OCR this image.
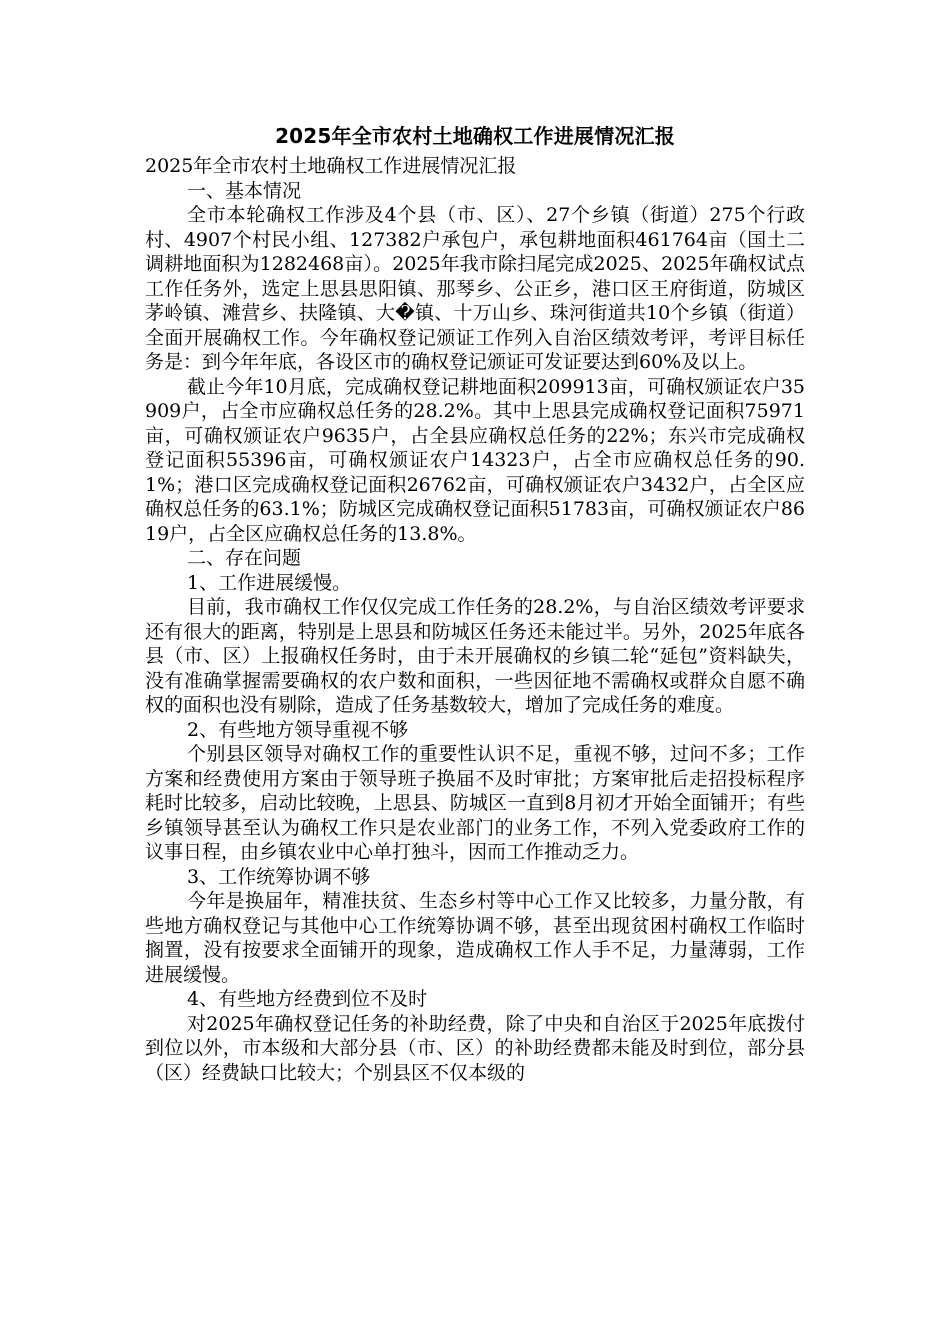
2025年全市农村土地确权工作进展情况汇报

2025年全市农村土地确权工作进展情况汇报

一、基本情况

全市本轮确权工作涉及4个县（市、区）、27个乡镇（街道）275个行政村、4907个村民小组、127382户承包户，承包耕地面积461764亩（国土二调耕地面积为1282468亩）。2025年我市除扫尾完成2025、2025年确权试点工作任务外，选定上思县思阳镇、那琴乡、公正乡，港口区王府街道，防城区茅岭镇、滩营乡、扶隆镇、大�镇、十万山乡、珠河街道共10个乡镇（街道）全面开展确权工作。今年确权登记颁证工作列入自治区绩效考评，考评目标任务是：到今年年底，各设区市的确权登记颁证可发证要达到60%及以上。

截止今年10月底，完成确权登记耕地面积209913亩，可确权颁证农户35909户，占全市应确权总任务的28.2%。其中上思县完成确权登记面积75971亩，可确权颁证农户9635户，占全县应确权总任务的22%；东兴市完成确权登记面积55396亩，可确权颁证农户14323户，占全市应确权总任务的90.1%；港口区完成确权登记面积26762亩，可确权颁证农户3432户，占全区应确权总任务的63.1%；防城区完成确权登记面积51783亩，可确权颁证农户8619户，占全区应确权总任务的13.8%。

二、存在问题

1、工作进展缓慢。

目前，我市确权工作仅仅完成工作任务的28.2%，与自治区绩效考评要求还有很大的距离，特别是上思县和防城区任务还未能过半。另外，2025年底各县（市、区）上报确权任务时，由于未开展确权的乡镇二轮“延包”资料缺失，没有准确掌握需要确权的农户数和面积，一些因征地不需确权或群众自愿不确权的面积也没有剔除，造成了任务基数较大，增加了完成任务的难度。

2、有些地方领导重视不够

个别县区领导对确权工作的重要性认识不足，重视不够，过问不多；工作方案和经费使用方案由于领导班子换届不及时审批；方案审批后走招投标程序耗时比较多，启动比较晚，上思县、防城区一直到8月初才开始全面铺开；有些乡镇领导甚至认为确权工作只是农业部门的业务工作，不列入党委政府工作的议事日程，由乡镇农业中心单打独斗，因而工作推动乏力。

3、工作统筹协调不够

今年是换届年，精准扶贫、生态乡村等中心工作又比较多，力量分散，有些地方确权登记与其他中心工作统筹协调不够，甚至出现贫困村确权工作临时搁置，没有按要求全面铺开的现象，造成确权工作人手不足，力量薄弱，工作进展缓慢。

4、有些地方经费到位不及时

对2025年确权登记任务的补助经费，除了中央和自治区于2025年底拨付到位以外，市本级和大部分县（市、区）的补助经费都未能及时到位，部分县（区）经费缺口比较大；个别县区不仅本级的
